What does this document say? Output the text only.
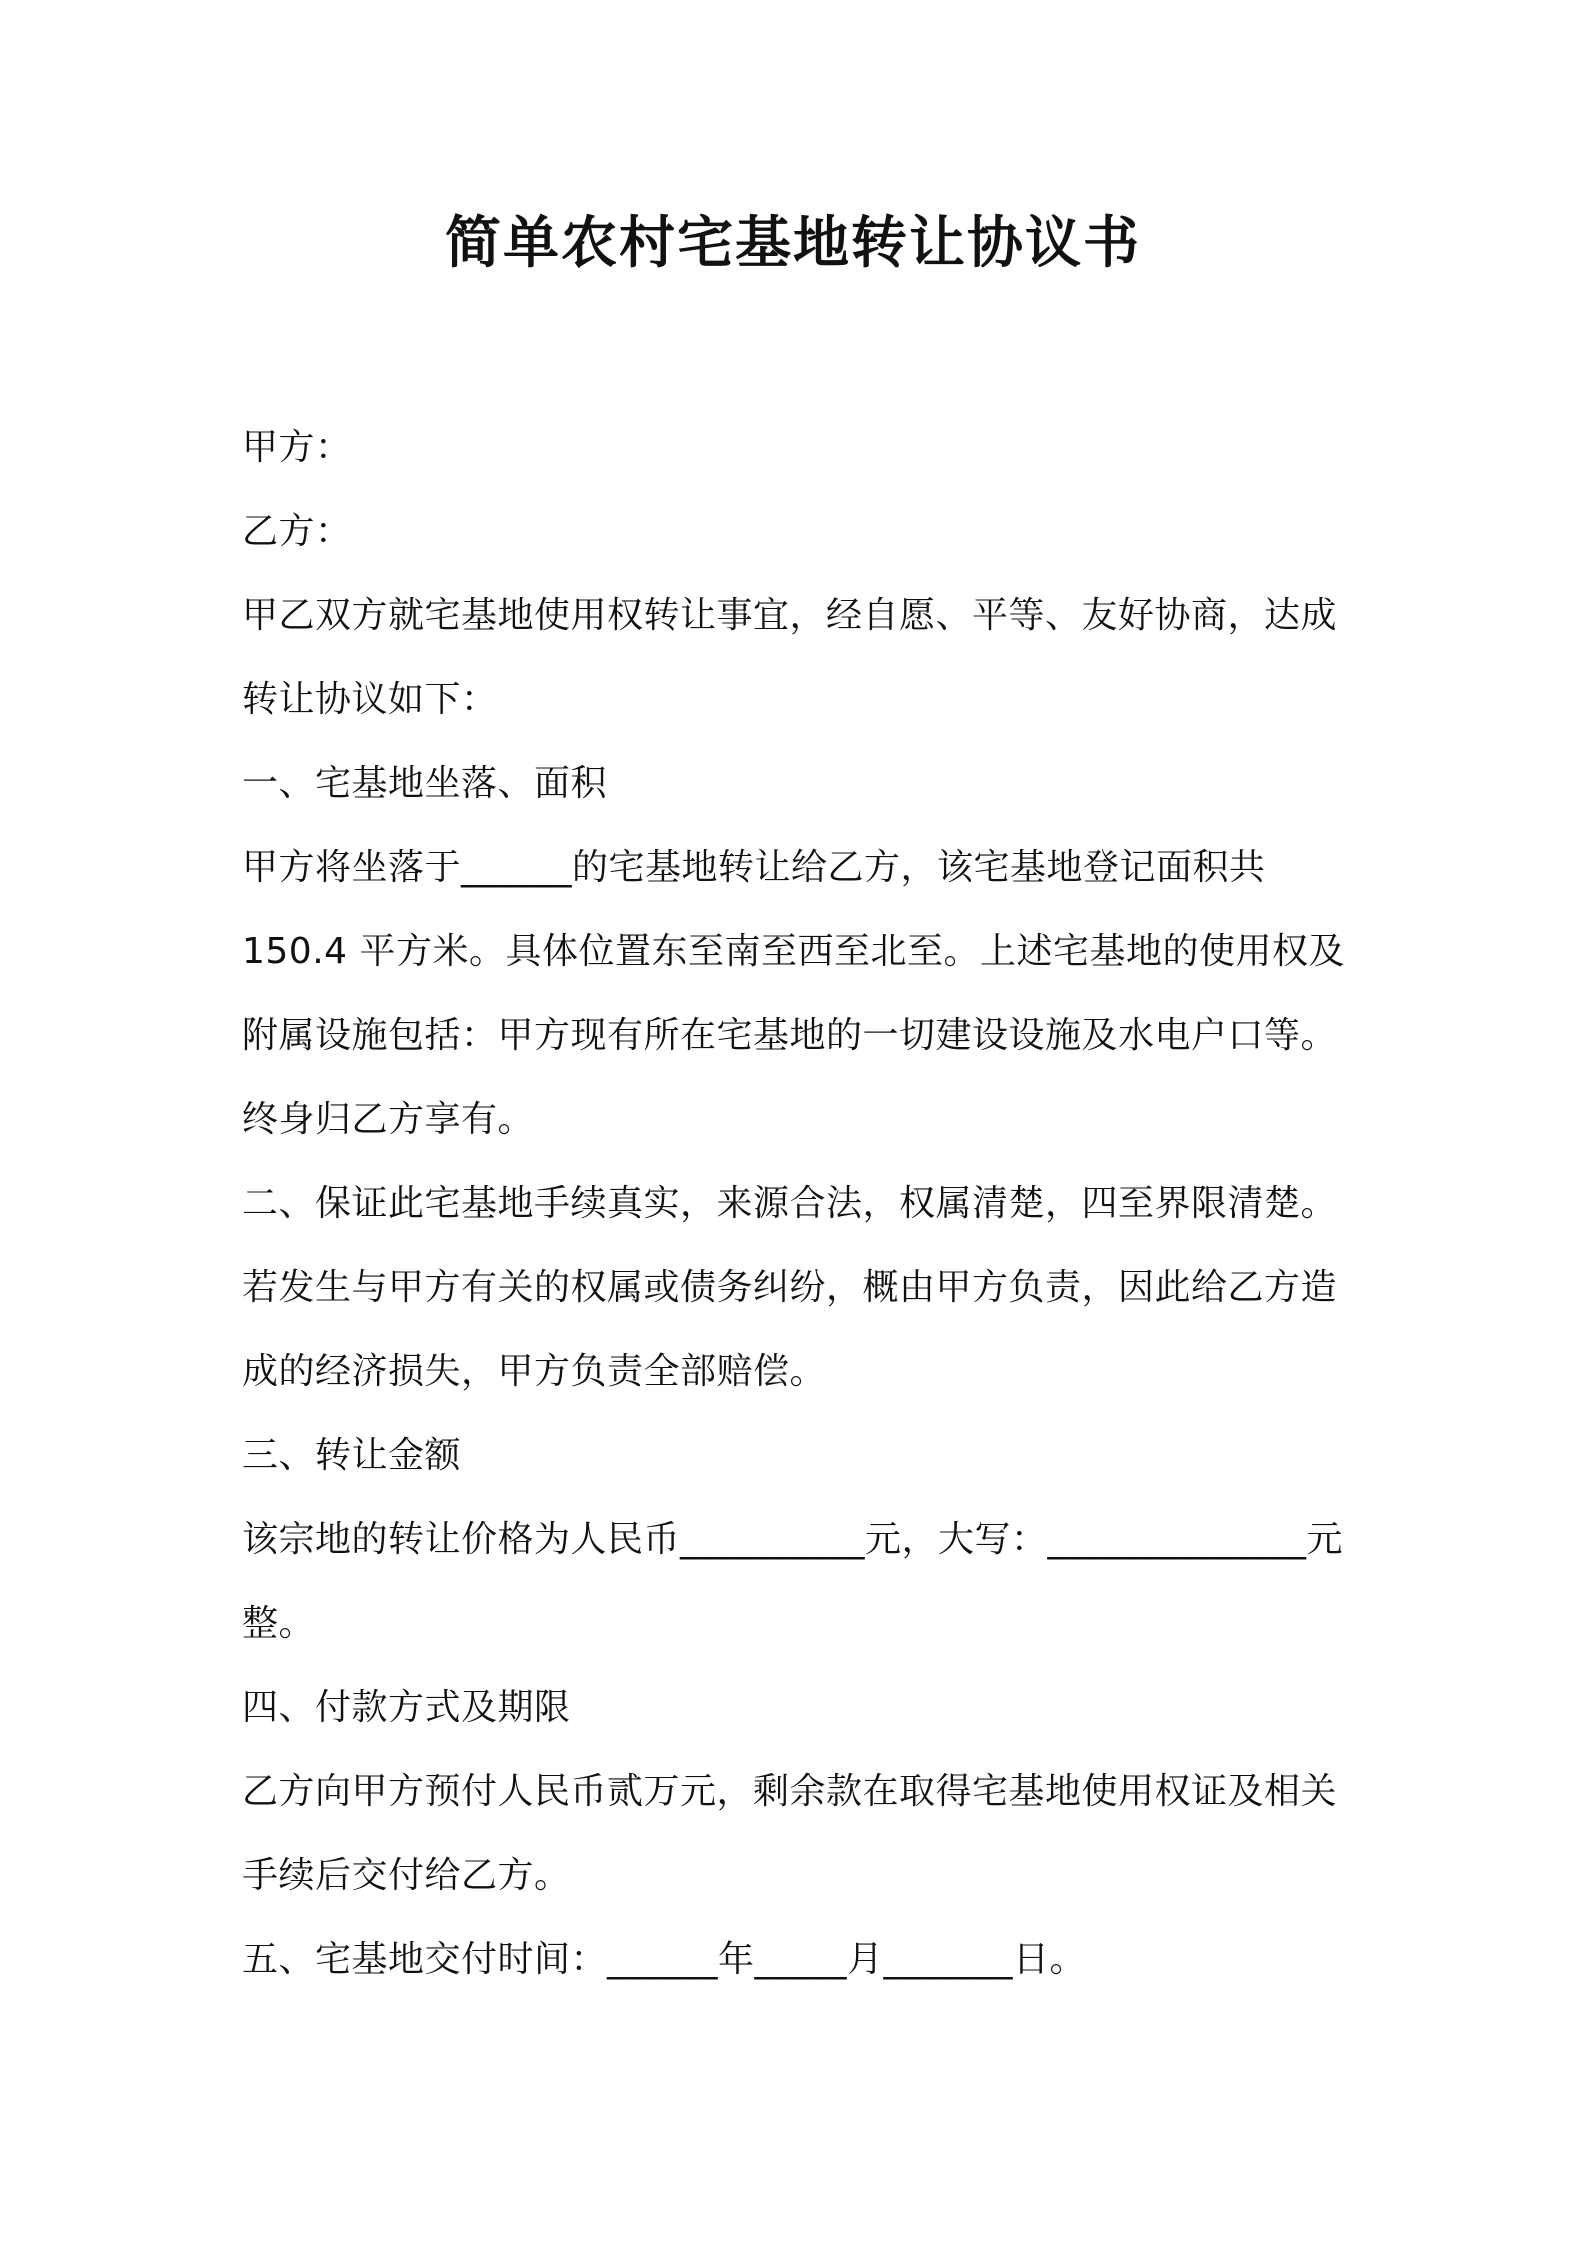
简单农村宅基地转让协议书

甲方：

乙方：

甲乙双方就宅基地使用权转让事宜，经自愿、平等、友好协商，达成

转让协议如下：

一、宅基地坐落、面积

甲方将坐落于______的宅基地转让给乙方，该宅基地登记面积共

150.4 平方米。具体位置东至南至西至北至。上述宅基地的使用权及

附属设施包括：甲方现有所在宅基地的一切建设设施及水电户口等。

终身归乙方享有。

二、保证此宅基地手续真实，来源合法，权属清楚，四至界限清楚。

若发生与甲方有关的权属或债务纠纷，概由甲方负责，因此给乙方造

成的经济损失，甲方负责全部赔偿。

三、转让金额

该宗地的转让价格为人民币__________元，大写：______________元

整。

四、付款方式及期限

乙方向甲方预付人民币贰万元，剩余款在取得宅基地使用权证及相关

手续后交付给乙方。

五、宅基地交付时间：______年_____月_______日。
